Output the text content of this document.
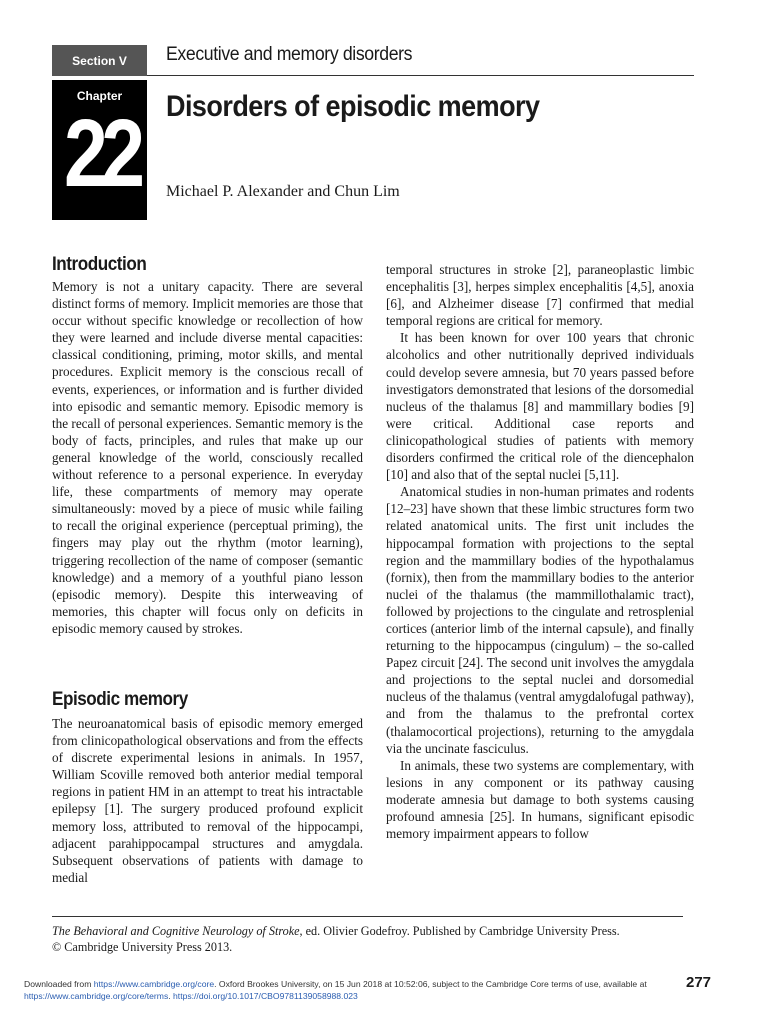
Section V Executive and memory disorders
Chapter
22 Disorders of episodic memory
Michael P. Alexander and Chun Lim
Introduction

Memory is not a unitary capacity. There are several distinct forms of memory. Implicit memories are those that occur without specific knowledge or recollection of how they were learned and include diverse mental capacities: classical conditioning, priming, motor skills, and mental procedures. Explicit memory is the conscious recall of events, experiences, or information and is further divided into episodic and semantic memory. Episodic memory is the recall of personal experiences. Semantic memory is the body of facts, principles, and rules that make up our general knowledge of the world, consciously recalled without reference to a personal experience. In everyday life, these compartments of memory may operate simultaneously: moved by a piece of music while failing to recall the original experience (perceptual priming), the fingers may play out the rhythm (motor learning), triggering recollection of the name of composer (semantic knowledge) and a memory of a youthful piano lesson (episodic memory). Despite this interweaving of memories, this chapter will focus only on deficits in episodic memory caused by strokes.

Episodic memory

The neuroanatomical basis of episodic memory emerged from clinicopathological observations and from the effects of discrete experimental lesions in animals. In 1957, William Scoville removed both anterior medial temporal regions in patient HM in an attempt to treat his intractable epilepsy [1]. The surgery produced profound explicit memory loss, attributed to removal of the hippocampi, adjacent parahippocampal structures and amygdala. Subsequent observations of patients with damage to medial

temporal structures in stroke [2], paraneoplastic limbic encephalitis [3], herpes simplex encephalitis [4,5], anoxia [6], and Alzheimer disease [7] confirmed that medial temporal regions are critical for memory.

It has been known for over 100 years that chronic alcoholics and other nutritionally deprived individuals could develop severe amnesia, but 70 years passed before investigators demonstrated that lesions of the dorsomedial nucleus of the thalamus [8] and mammillary bodies [9] were critical. Additional case reports and clinicopathological studies of patients with memory disorders confirmed the critical role of the diencephalon [10] and also that of the septal nuclei [5,11].

Anatomical studies in non-human primates and rodents [12–23] have shown that these limbic structures form two related anatomical units. The first unit includes the hippocampal formation with projections to the septal region and the mammillary bodies of the hypothalamus (fornix), then from the mammillary bodies to the anterior nuclei of the thalamus (the mammillothalamic tract), followed by projections to the cingulate and retrosplenial cortices (anterior limb of the internal capsule), and finally returning to the hippocampus (cingulum) – the so-called Papez circuit [24]. The second unit involves the amygdala and projections to the septal nuclei and dorsomedial nucleus of the thalamus (ventral amygdalofugal pathway), and from the thalamus to the prefrontal cortex (thalamocortical projections), returning to the amygdala via the uncinate fasciculus.

In animals, these two systems are complementary, with lesions in any component or its pathway causing moderate amnesia but damage to both systems causing profound amnesia [25]. In humans, significant episodic memory impairment appears to follow

The Behavioral and Cognitive Neurology of Stroke, ed. Olivier Godefroy. Published by Cambridge University Press.
© Cambridge University Press 2013.
Downloaded from https://www.cambridge.org/core. Oxford Brookes University, on 15 Jun 2018 at 10:52:06, subject to the Cambridge Core terms of use, available at
https://www.cambridge.org/core/terms. https://doi.org/10.1017/CBO9781139058988.023
277
